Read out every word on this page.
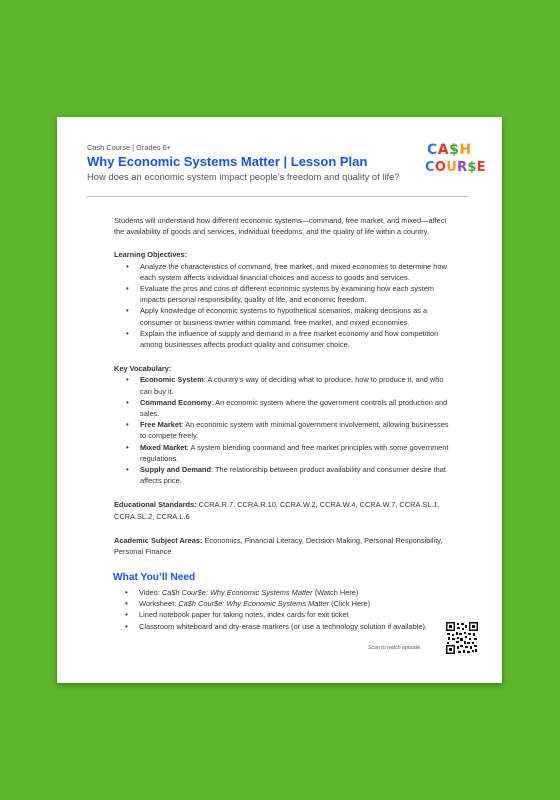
Cash Course | Grades 6+
Why Economic Systems Matter | Lesson Plan
How does an economic system impact people’s freedom and quality of life?
CA$H
COUR$E

Students will understand how different economic systems—command, free market, and mixed—affect the availability of goods and services, individual freedoms, and the quality of life within a country.

Learning Objectives:
• Analyze the characteristics of command, free market, and mixed economies to determine how each system affects individual financial choices and access to goods and services.
• Evaluate the pros and cons of different economic systems by examining how each system impacts personal responsibility, quality of life, and economic freedom.
• Apply knowledge of economic systems to hypothetical scenarios, making decisions as a consumer or business owner within command, free market, and mixed economies.
• Explain the influence of supply and demand in a free market economy and how competition among businesses affects product quality and consumer choice.
Key Vocabulary:
• Economic System: A country’s way of deciding what to produce, how to produce it, and who can buy it.
• Command Economy: An economic system where the government controls all production and sales.
• Free Market: An economic system with minimal government involvement, allowing businesses to compete freely.
• Mixed Market: A system blending command and free market principles with some government regulations.
• Supply and Demand: The relationship between product availability and consumer desire that affects price.

Educational Standards: CCRA.R.7, CCRA.R.10, CCRA.W.2, CCRA.W.4, CCRA.W.7, CCRA.SL.1, CCRA.SL.2, CCRA.L.6

Academic Subject Areas: Economics, Financial Literacy, Decision Making, Personal Responsibility, Personal Finance

What You’ll Need
• Video: Ca$h Cour$e: Why Economic Systems Matter (Watch Here)
• Worksheet: Ca$h Cour$e: Why Economic Systems Matter (Click Here)
• Lined notebook paper for taking notes, index cards for exit ticket
• Classroom whiteboard and dry-erase markers (or use a technology solution if available).
Scan to watch episode
